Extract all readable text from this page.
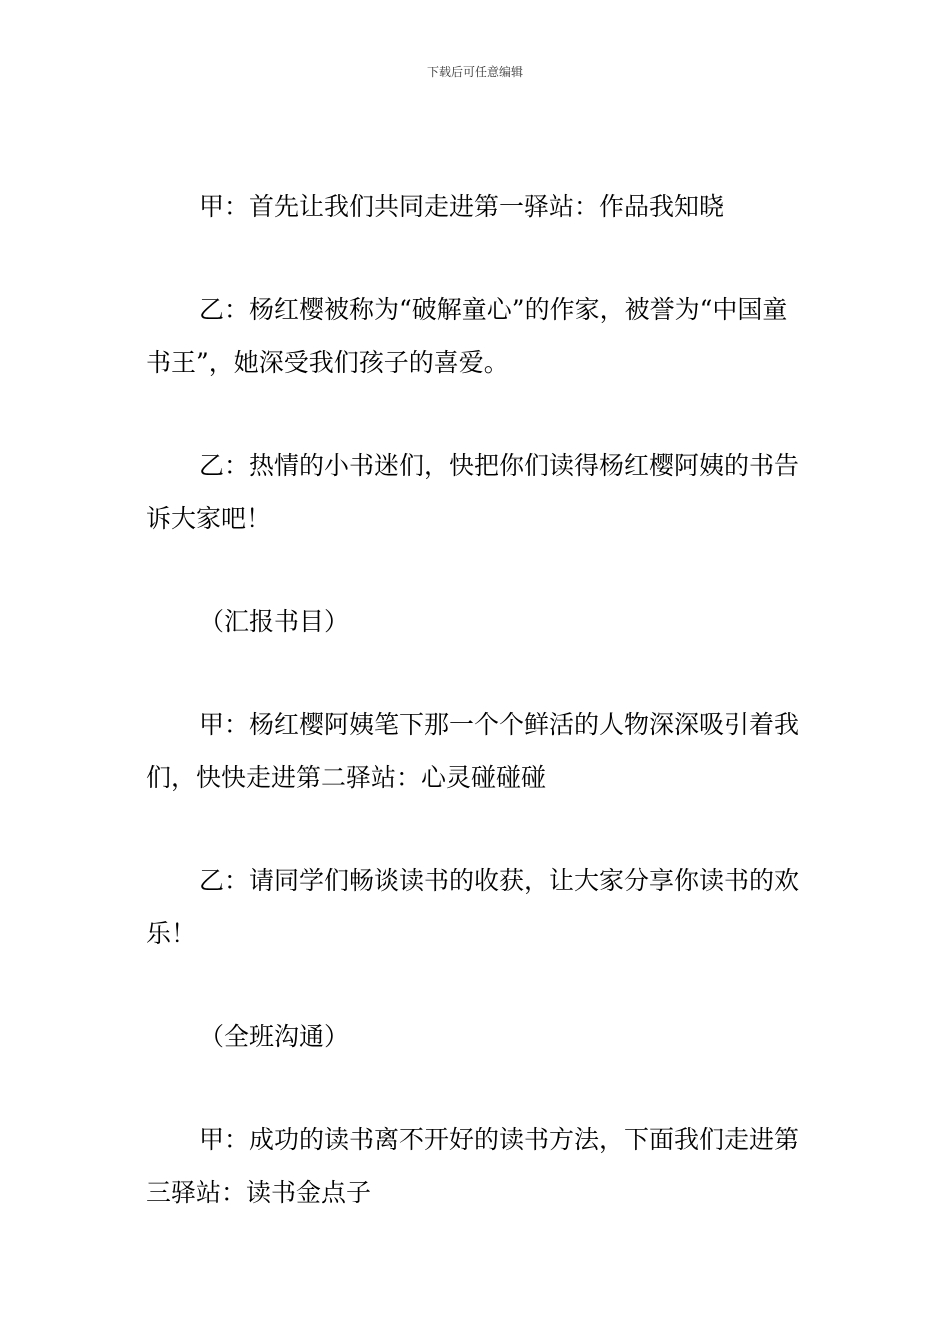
下载后可任意编辑

甲：首先让我们共同走进第一驿站：作品我知晓

乙：杨红樱被称为“破解童心”的作家，被誉为“中国童书王”，她深受我们孩子的喜爱。

乙：热情的小书迷们，快把你们读得杨红樱阿姨的书告诉大家吧！

（汇报书目）

甲：杨红樱阿姨笔下那一个个鲜活的人物深深吸引着我们，快快走进第二驿站：心灵碰碰碰

乙：请同学们畅谈读书的收获，让大家分享你读书的欢乐！

（全班沟通）

甲：成功的读书离不开好的读书方法，下面我们走进第三驿站：读书金点子
